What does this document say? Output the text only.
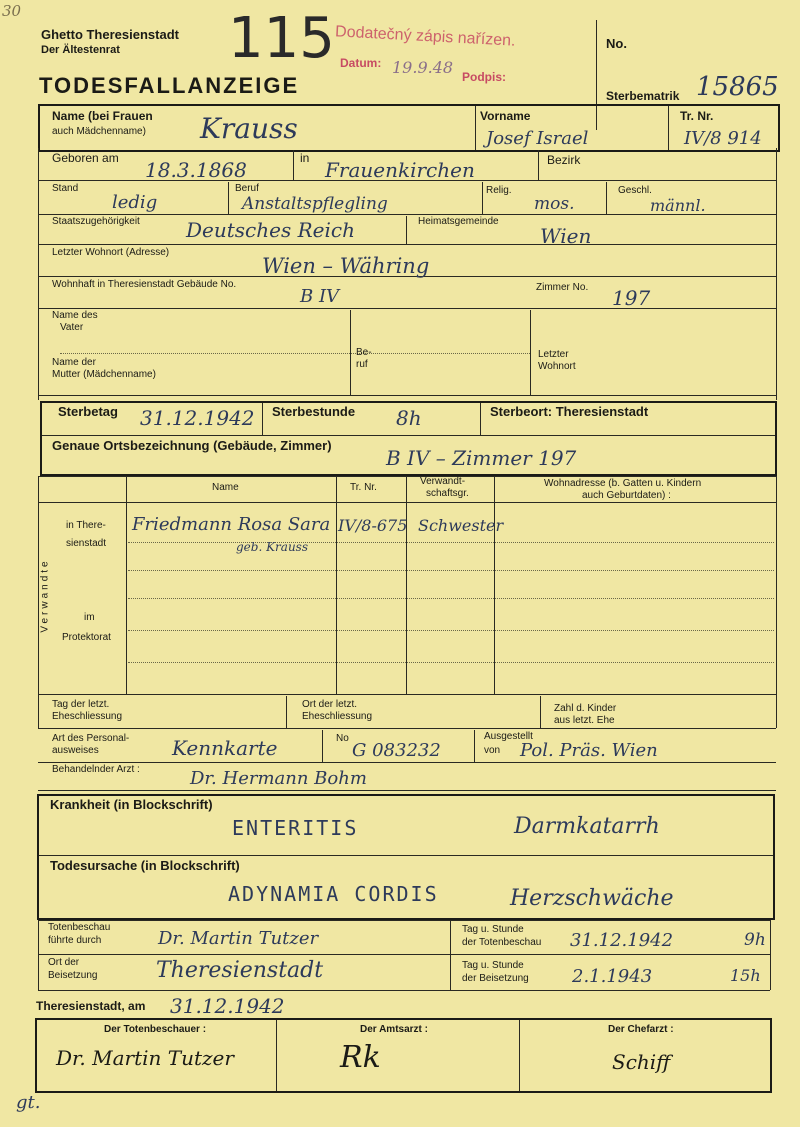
30
gt.
Ghetto Theresienstadt
Der Ältestenrat
TODESFALLANZEIGE
115 Dodatečný zápis nařízen.
Datum: 19.9.48 Podpis:
No.
Sterbematrik 15865
Name (bei Frauen
auch Mädchenname) Krauss	Vorname
Josef Israel
Tr. Nr.
IV/8 914
Geboren am 18.3.1868	in Frauenkirchen	Bezirk
Stand
ledig
Beruf
Anstaltspflegling
Relig.
mos.
Geschl.
männl.
Staatszugehörigkeit Deutsches Reich	Heimatsgemeinde
Wien
Letzter Wohnort (Adresse)
Wien – Währing
Wohnhaft in Theresienstadt Gebäude No.
B IV	Zimmer No. 197
Name des
Vater
Name der
Mutter (Mädchenname)
Be-
ruf
Letzter
Wohnort
Sterbetag 31.12.1942 Sterbestunde 8h	Sterbeort: Theresienstadt
Genaue Ortsbezeichnung (Gebäude, Zimmer)
B IV – Zimmer 197
Name	Tr. Nr.
Verwandt-
schaftsgr.
Wohnadresse (b. Gatten u. Kindern
auch Geburtdaten) :
Verwandte
in There-
sienstadt
im
Protektorat
Friedmann Rosa Sara
geb. Krauss
IV/8-675 Schwester
Tag der letzt.
Eheschliessung
Ort der letzt.
Eheschliessung
Zahl d. Kinder
aus letzt. Ehe
Art des Personal-
ausweises	Kennkarte	No
G 083232
Ausgestellt
von Pol. Präs. Wien
Behandelnder Arzt :	Dr. Hermann Bohm
Krankheit (in Blockschrift)
ENTERITIS	Darmkatarrh
Todesursache (in Blockschrift)
ADYNAMIA CORDIS	Herzschwäche
Totenbeschau
führte durch	Dr. Martin Tutzer	Tag u. Stunde
der Totenbeschau 31.12.1942	9h
Ort der
Beisetzung	Theresienstadt	Tag u. Stunde
der Beisetzung 2.1.1943	15h
Theresienstadt, am 31.12.1942
Der Totenbeschauer :	Der Amtsarzt :	Der Chefarzt :
Dr. Martin Tutzer	Rk	Schiff
